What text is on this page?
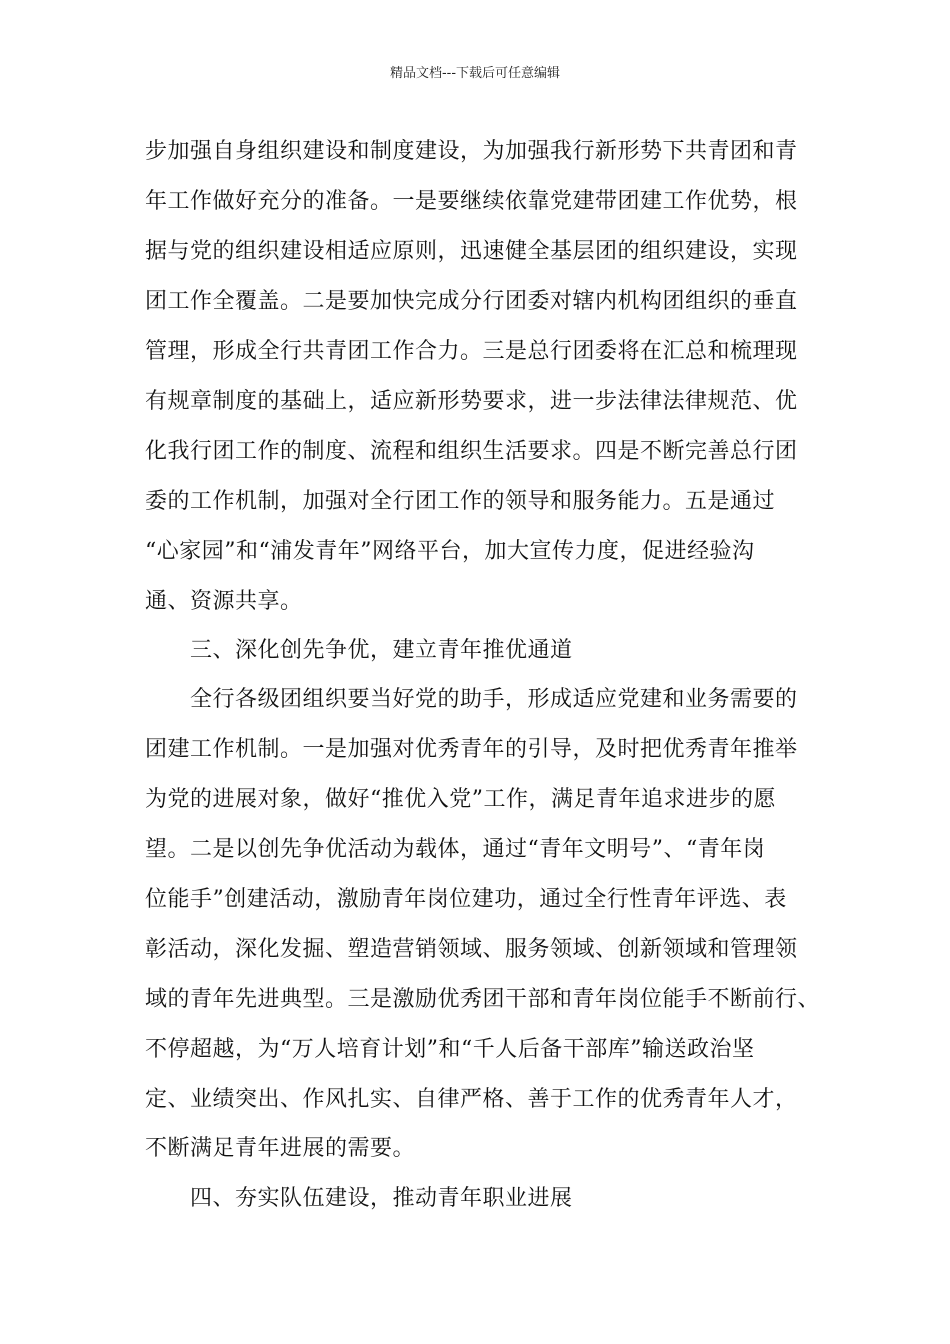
精品文档---下载后可任意编辑
步加强自身组织建设和制度建设，为加强我行新形势下共青团和青
年工作做好充分的准备。一是要继续依靠党建带团建工作优势，根
据与党的组织建设相适应原则，迅速健全基层团的组织建设，实现
团工作全覆盖。二是要加快完成分行团委对辖内机构团组织的垂直
管理，形成全行共青团工作合力。三是总行团委将在汇总和梳理现
有规章制度的基础上，适应新形势要求，进一步法律法律规范、优
化我行团工作的制度、流程和组织生活要求。四是不断完善总行团
委的工作机制，加强对全行团工作的领导和服务能力。五是通过
“心家园”和“浦发青年”网络平台，加大宣传力度，促进经验沟
通、资源共享。
三、深化创先争优，建立青年推优通道
全行各级团组织要当好党的助手，形成适应党建和业务需要的
团建工作机制。一是加强对优秀青年的引导，及时把优秀青年推举
为党的进展对象，做好“推优入党”工作，满足青年追求进步的愿
望。二是以创先争优活动为载体，通过“青年文明号”、“青年岗
位能手”创建活动，激励青年岗位建功，通过全行性青年评选、表
彰活动，深化发掘、塑造营销领域、服务领域、创新领域和管理领
域的青年先进典型。三是激励优秀团干部和青年岗位能手不断前行、
不停超越，为“万人培育计划”和“千人后备干部库”输送政治坚
定、业绩突出、作风扎实、自律严格、善于工作的优秀青年人才，
不断满足青年进展的需要。
四、夯实队伍建设，推动青年职业进展
